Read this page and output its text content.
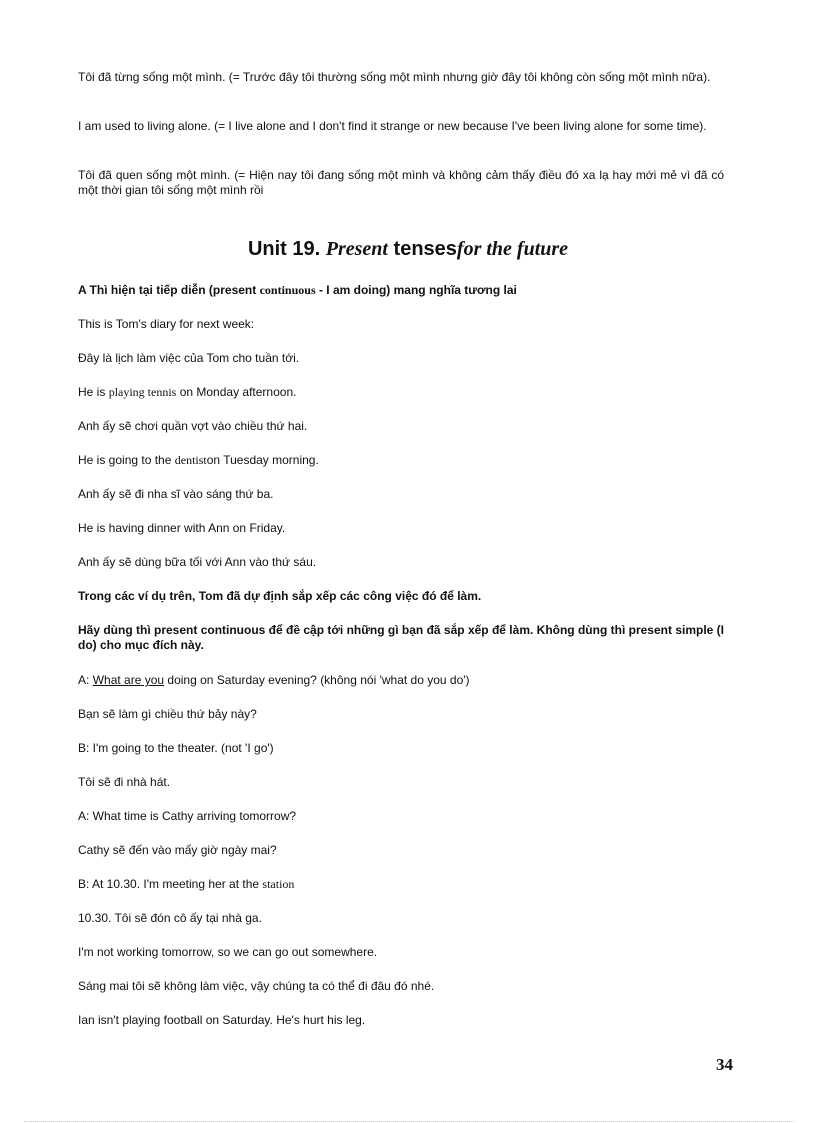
Tôi đã từng sống một mình. (= Trước đây tôi thường sống một mình nhưng giờ đây tôi không còn sống một mình nữa).

I am used to living alone. (= I live alone and I don't find it strange or new because I've been living alone for some time).

Tôi đã quen sống một mình. (= Hiện nay tôi đang sống một mình và không cảm thấy điều đó xa lạ hay mới mẻ vì đã có một thời gian tôi sống một mình rồi

Unit 19. Present tensesfor the future

A Thì hiện tại tiếp diễn (present continuous - I am doing) mang nghĩa tương lai

This is Tom's diary for next week:

Đây là lịch làm việc của Tom cho tuần tới.

He is playing tennis on Monday afternoon.

Anh ấy sẽ chơi quần vợt vào chiều thứ hai.

He is going to the dentiston Tuesday morning.

Anh ấy sẽ đi nha sĩ vào sáng thứ ba.

He is having dinner with Ann on Friday.

Anh ấy sẽ dùng bữa tối với Ann vào thứ sáu.

Trong các ví dụ trên, Tom đã dự định sắp xếp các công việc đó để làm.

Hãy dùng thì present continuous để đề cập tới những gì bạn đã sắp xếp để làm. Không dùng thì present simple (I do) cho mục đích này.

A: What are you doing on Saturday evening? (không nói 'what do you do')

Bạn sẽ làm gì chiều thứ bảy này?

B: I'm going to the theater. (not 'I go')

Tôi sẽ đi nhà hát.

A: What time is Cathy arriving tomorrow?

Cathy sẽ đến vào mấy giờ ngày mai?

B: At 10.30. I'm meeting her at the station

10.30. Tôi sẽ đón cô ấy tại nhà ga.

I'm not working tomorrow, so we can go out somewhere.

Sáng mai tôi sẽ không làm việc, vậy chúng ta có thể đi đâu đó nhé.

Ian isn't playing football on Saturday. He's hurt his leg.

34
